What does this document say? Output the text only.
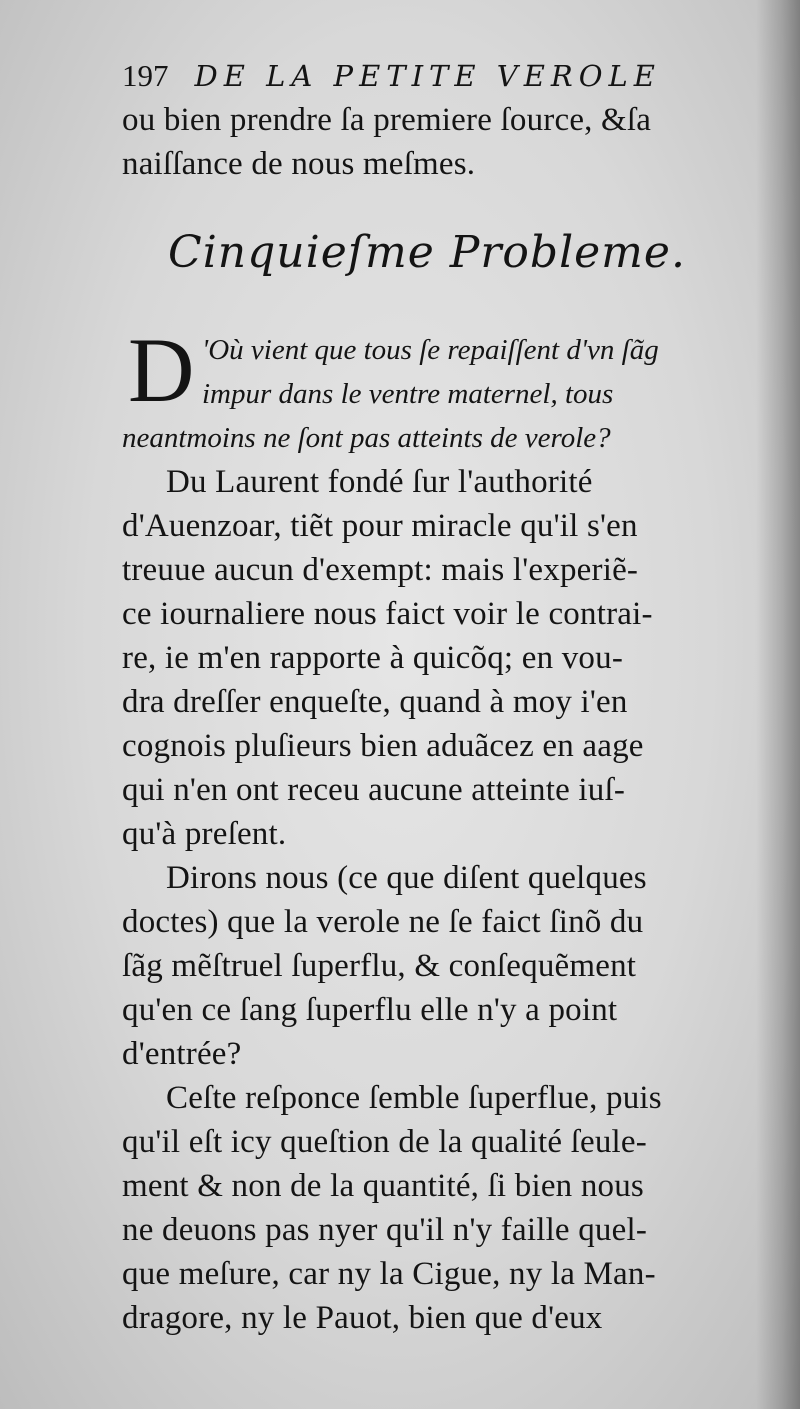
197 DE LA PETITE VEROLE
ou bien prendre ſa premiere ſource, &ſa
naiſſance de nous meſmes.
Cinquieſme Probleme.
D 'Où vient que tous ſe repaiſſent d'vn ſãg
impur dans le ventre maternel, tous
neantmoins ne ſont pas atteints de verole?
Du Laurent fondé ſur l'authorité
d'Auenzoar, tiẽt pour miracle qu'il s'en
treuue aucun d'exempt: mais l'experiẽ-
ce iournaliere nous faict voir le contrai-
re, ie m'en rapporte à quicõq; en vou-
dra dreſſer enqueſte, quand à moy i'en
cognois pluſieurs bien aduãcez en aage
qui n'en ont receu aucune atteinte iuſ-
qu'à preſent.
Dirons nous (ce que diſent quelques
doctes) que la verole ne ſe faict ſinõ du
ſãg mẽſtruel ſuperflu, & conſequẽment
qu'en ce ſang ſuperflu elle n'y a point
d'entrée?
Ceſte reſponce ſemble ſuperflue, puis
qu'il eſt icy queſtion de la qualité ſeule-
ment & non de la quantité, ſi bien nous
ne deuons pas nyer qu'il n'y faille quel-
que meſure, car ny la Cigue, ny la Man-
dragore, ny le Pauot, bien que d'eux
